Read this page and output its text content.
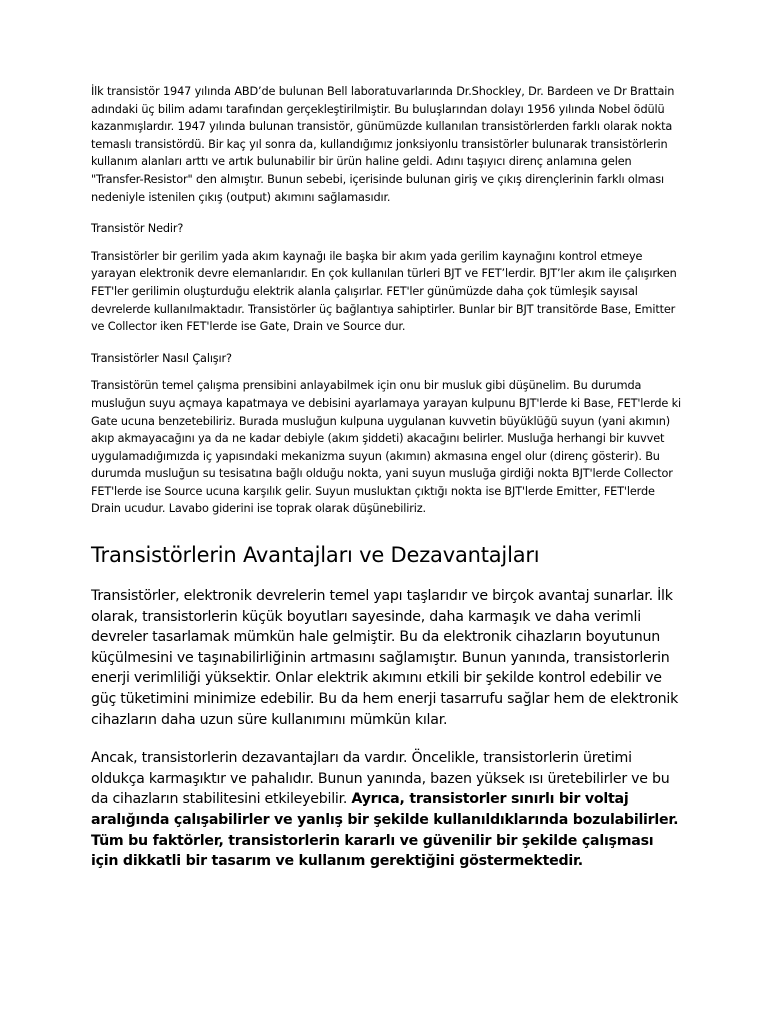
İlk transistör 1947 yılında ABD’de bulunan Bell laboratuvarlarında Dr.Shockley, Dr. Bardeen ve Dr Brattain adındaki üç bilim adamı tarafından gerçekleştirilmiştir. Bu buluşlarından dolayı 1956 yılında Nobel ödülü kazanmışlardır. 1947 yılında bulunan transistör, günümüzde kullanılan transistörlerden farklı olarak nokta temaslı transistördü. Bir kaç yıl sonra da, kullandığımız jonksiyonlu transistörler bulunarak transistörlerin kullanım alanları arttı ve artık bulunabilir bir ürün haline geldi. Adını taşıyıcı direnç anlamına gelen "Transfer-Resistor" den almıştır. Bunun sebebi, içerisinde bulunan giriş ve çıkış dirençlerinin farklı olması nedeniyle istenilen çıkış (output) akımını sağlamasıdır.

Transistör Nedir?

Transistörler bir gerilim yada akım kaynağı ile başka bir akım yada gerilim kaynağını kontrol etmeye yarayan elektronik devre elemanlarıdır. En çok kullanılan türleri BJT ve FET’lerdir. BJT’ler akım ile çalışırken FET'ler gerilimin oluşturduğu elektrik alanla çalışırlar. FET'ler günümüzde daha çok tümleşik sayısal devrelerde kullanılmaktadır. Transistörler üç bağlantıya sahiptirler. Bunlar bir BJT transitörde Base, Emitter ve Collector iken FET'lerde ise Gate, Drain ve Source dur.

Transistörler Nasıl Çalışır?

Transistörün temel çalışma prensibini anlayabilmek için onu bir musluk gibi düşünelim. Bu durumda musluğun suyu açmaya kapatmaya ve debisini ayarlamaya yarayan kulpunu BJT'lerde ki Base, FET'lerde ki Gate ucuna benzetebiliriz. Burada musluğun kulpuna uygulanan kuvvetin büyüklüğü suyun (yani akımın) akıp akmayacağını ya da ne kadar debiyle (akım şiddeti) akacağını belirler. Musluğa herhangi bir kuvvet uygulamadığımızda iç yapısındaki mekanizma suyun (akımın) akmasına engel olur (direnç gösterir). Bu durumda musluğun su tesisatına bağlı olduğu nokta, yani suyun musluğa girdiği nokta BJT'lerde Collector FET'lerde ise Source ucuna karşılık gelir. Suyun musluktan çıktığı nokta ise BJT'lerde Emitter, FET'lerde Drain ucudur. Lavabo giderini ise toprak olarak düşünebiliriz.

Transistörlerin Avantajları ve Dezavantajları

Transistörler, elektronik devrelerin temel yapı taşlarıdır ve birçok avantaj sunarlar. İlk olarak, transistorlerin küçük boyutları sayesinde, daha karmaşık ve daha verimli devreler tasarlamak mümkün hale gelmiştir. Bu da elektronik cihazların boyutunun küçülmesini ve taşınabilirliğinin artmasını sağlamıştır. Bunun yanında, transistorlerin enerji verimliliği yüksektir. Onlar elektrik akımını etkili bir şekilde kontrol edebilir ve güç tüketimini minimize edebilir. Bu da hem enerji tasarrufu sağlar hem de elektronik cihazların daha uzun süre kullanımını mümkün kılar.

Ancak, transistorlerin dezavantajları da vardır. Öncelikle, transistorlerin üretimi oldukça karmaşıktır ve pahalıdır. Bunun yanında, bazen yüksek ısı üretebilirler ve bu da cihazların stabilitesini etkileyebilir. Ayrıca, transistorler sınırlı bir voltaj aralığında çalışabilirler ve yanlış bir şekilde kullanıldıklarında bozulabilirler. Tüm bu faktörler, transistorlerin kararlı ve güvenilir bir şekilde çalışması için dikkatli bir tasarım ve kullanım gerektiğini göstermektedir.
